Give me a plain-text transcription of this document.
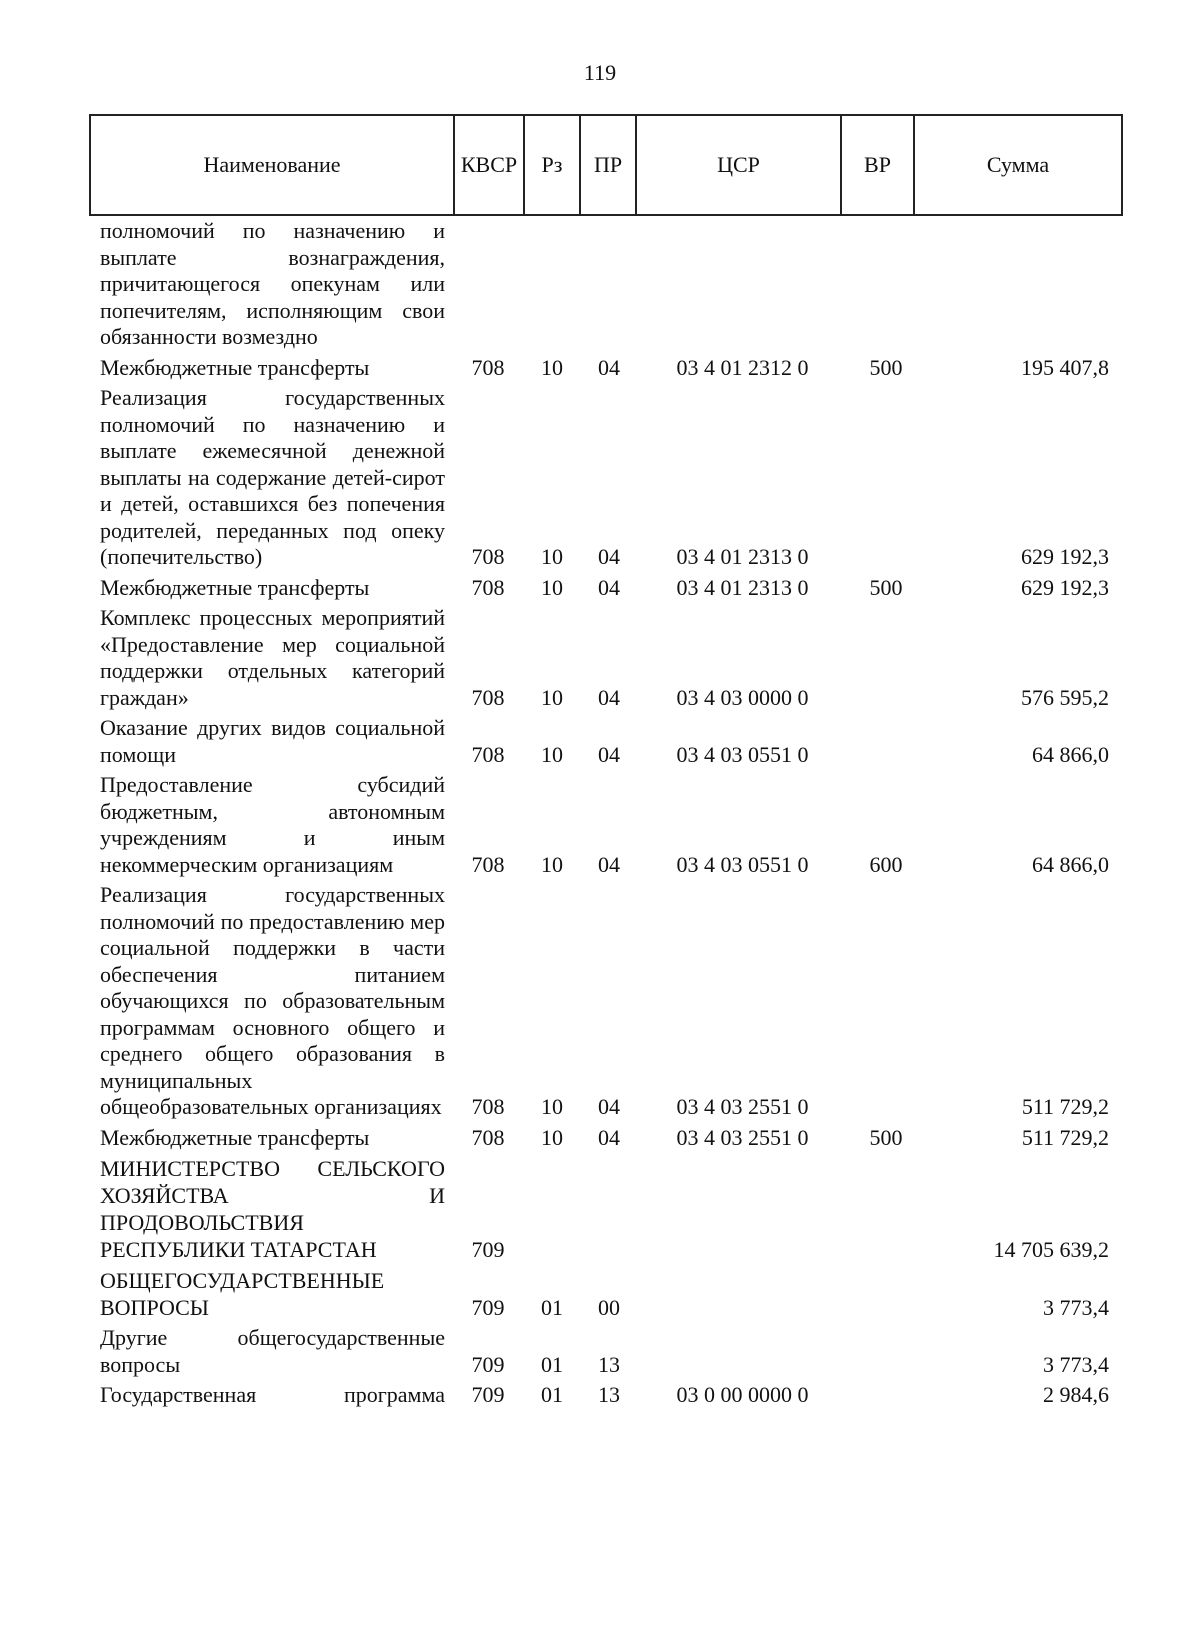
119
Наименование	КВСР	Рз	ПР	ЦСР	ВР	Сумма
полномочий по назначению и выплате вознаграждения, причитающегося опекунам или попечителям, исполняющим свои обязанности возмездно
Межбюджетные трансферты	708	10	04	03 4 01 2312 0	500	195 407,8
Реализация государственных полномочий по назначению и выплате ежемесячной денежной выплаты на содержание детей-сирот и детей, оставшихся без попечения родителей, переданных под опеку (попечительство)	708	10	04	03 4 01 2313 0	629 192,3
Межбюджетные трансферты	708	10	04	03 4 01 2313 0	500	629 192,3
Комплекс процессных мероприятий «Предоставление мер социальной поддержки отдельных категорий граждан»	708	10	04	03 4 03 0000 0	576 595,2
Оказание других видов социальной помощи	708	10	04	03 4 03 0551 0	64 866,0
Предоставление субсидий бюджетным, автономным учреждениям и иным некоммерческим организациям	708	10	04	03 4 03 0551 0	600	64 866,0
Реализация государственных полномочий по предоставлению мер социальной поддержки в части обеспечения питанием обучающихся по образовательным программам основного общего и среднего общего образования в муниципальных общеобразовательных организациях	708	10	04	03 4 03 2551 0	511 729,2
Межбюджетные трансферты	708	10	04	03 4 03 2551 0	500	511 729,2
МИНИСТЕРСТВО СЕЛЬСКОГО ХОЗЯЙСТВА И ПРОДОВОЛЬСТВИЯ РЕСПУБЛИКИ ТАТАРСТАН	709	14 705 639,2
ОБЩЕГОСУДАРСТВЕННЫЕ ВОПРОСЫ	709	01	00	3 773,4
Другие общегосударственные вопросы	709	01	13	3 773,4
Государственная программа	709	01	13	03 0 00 0000 0	2 984,6
